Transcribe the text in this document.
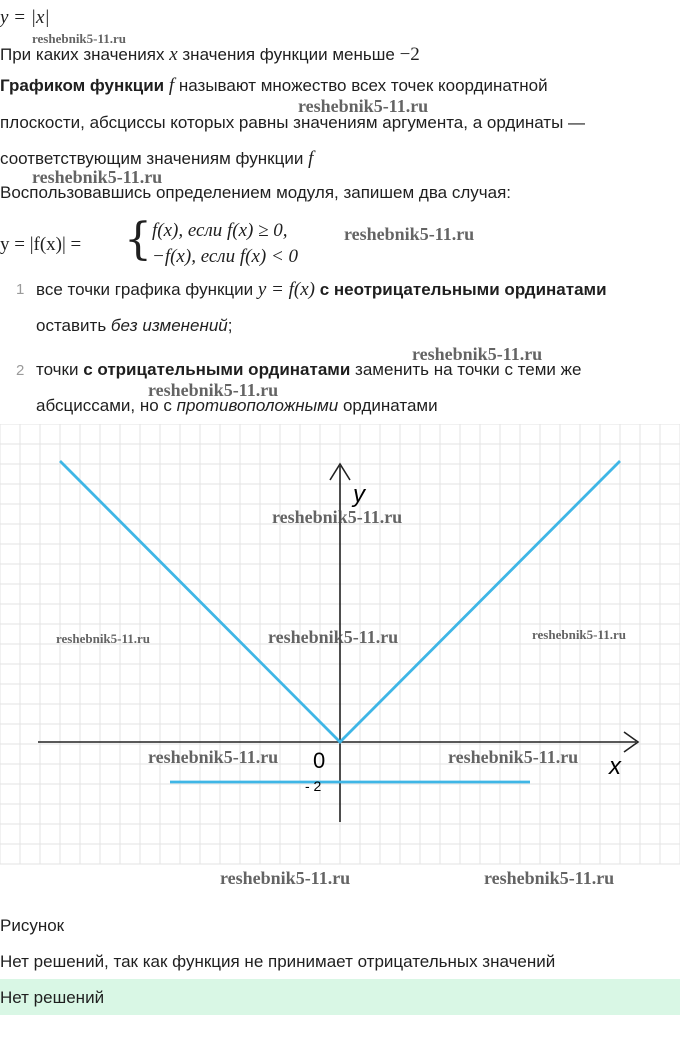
y = |x|
reshebnik5-11.ru
При каких значениях x значения функции меньше −2
Графиком функции f называют множество всех точек координатной
reshebnik5-11.ru
плоскости, абсциссы которых равны значениям аргумента, а ординаты —
соответствующим значениям функции f
reshebnik5-11.ru
Воспользовавшись определением модуля, запишем два случая:
y = |f(x)| = { f(x), если f(x) ≥ 0,
−f(x), если f(x) < 0
reshebnik5-11.ru
1 все точки графика функции y = f(x) с неотрицательными ординатами
оставить без изменений;
reshebnik5-11.ru
2 точки с отрицательными ординатами заменить на точки с теми же
reshebnik5-11.ru
абсциссами, но с противоположными ординатами
y
x
0
- 2
reshebnik5-11.ru
reshebnik5-11.ru	reshebnik5-11.ru	reshebnik5-11.ru
reshebnik5-11.ru	reshebnik5-11.ru
reshebnik5-11.ru	reshebnik5-11.ru
Рисунок
Нет решений, так как функция не принимает отрицательных значений
Нет решений
